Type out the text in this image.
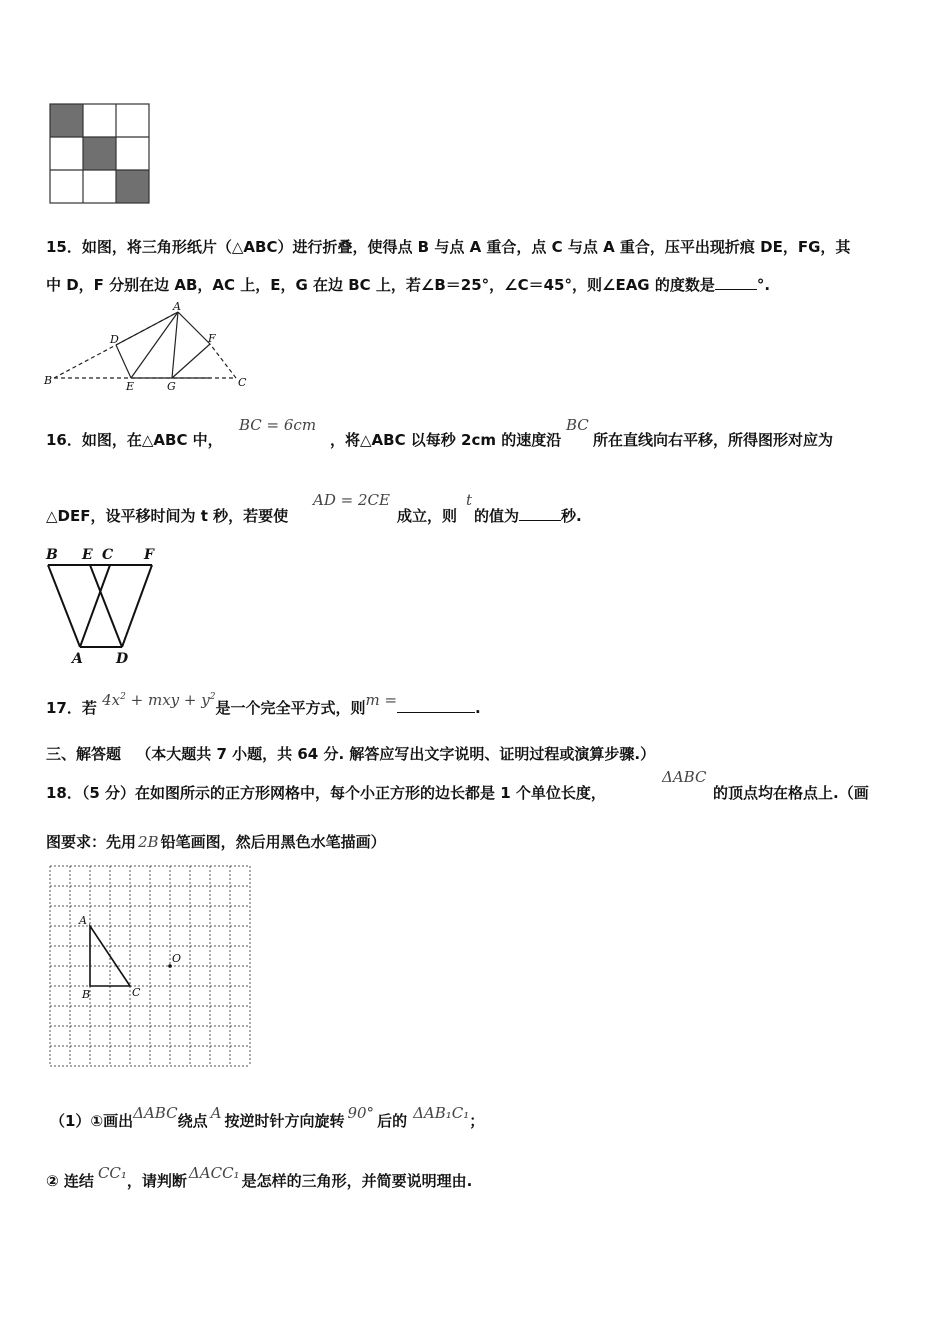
15．如图，将三角形纸片（△ABC）进行折叠，使得点 B 与点 A 重合，点 C 与点 A 重合，压平出现折痕 DE，FG，其
中 D，F 分别在边 AB，AC 上，E，G 在边 BC 上，若∠B＝25°，∠C＝45°，则∠EAG 的度数是	°.
A
B	C
D
E
F
G
16．如图，在△ABC 中，
BC = 6cm
，将△ABC 以每秒 2cm 的速度沿
BC
所在直线向右平移，所得图形对应为
△DEF，设平移时间为 t 秒，若要使
AD = 2CE
成立，则
t
的值为	秒.
B E C F
A D
17．若 $4x^2$ + mxy + $y^2$是一个完全平方式，则m =	.
三、解答题 （本大题共 7 小题，共 64 分. 解答应写出文字说明、证明过程或演算步骤.）
18．（5 分）在如图所示的正方形网格中，每个小正方形的边长都是 1 个单位长度，
ΔABC
的顶点均在格点上.（画
图要求：先用 2B 铅笔画图，然后用黑色水笔描画）
A
B	C
O
（1）①画出ΔABC绕点 A 按逆时针方向旋转 90° 后的 ΔAB₁C₁；
② 连结 CC₁，请判断 ΔACC₁ 是怎样的三角形，并简要说明理由.
